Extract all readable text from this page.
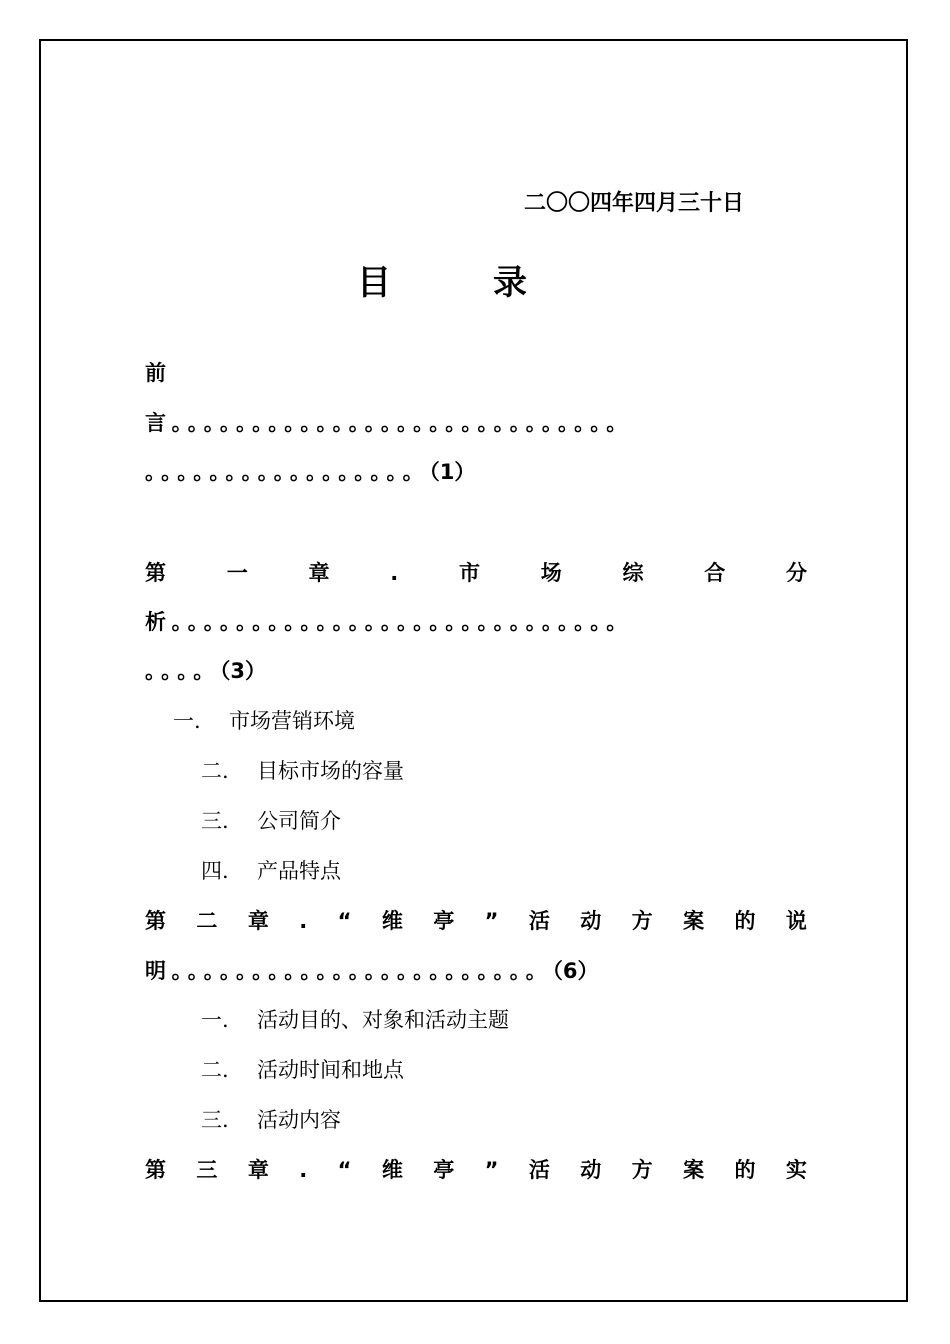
二〇〇四年四月三十日
目	录
前
言。。。。。。。。。。。。。。。。。。。。。。。。。。。。
。。。。。。。。。。。。。。。。。（1）
第	一	章	.	市	场	综	合	分
析。。。。。。。。。。。。。。。。。。。。。。。。。。。。
。。。。（3）
一. 市场营销环境
二. 目标市场的容量
三. 公司简介
四. 产品特点
第 二 章 . “ 维 亭 ” 活 动 方 案 的 说
明。。。。。。。。。。。。。。。。。。。。。。。（6）
一. 活动目的、对象和活动主题
二. 活动时间和地点
三. 活动内容
第 三 章 . “ 维 亭 ” 活 动 方 案 的 实
